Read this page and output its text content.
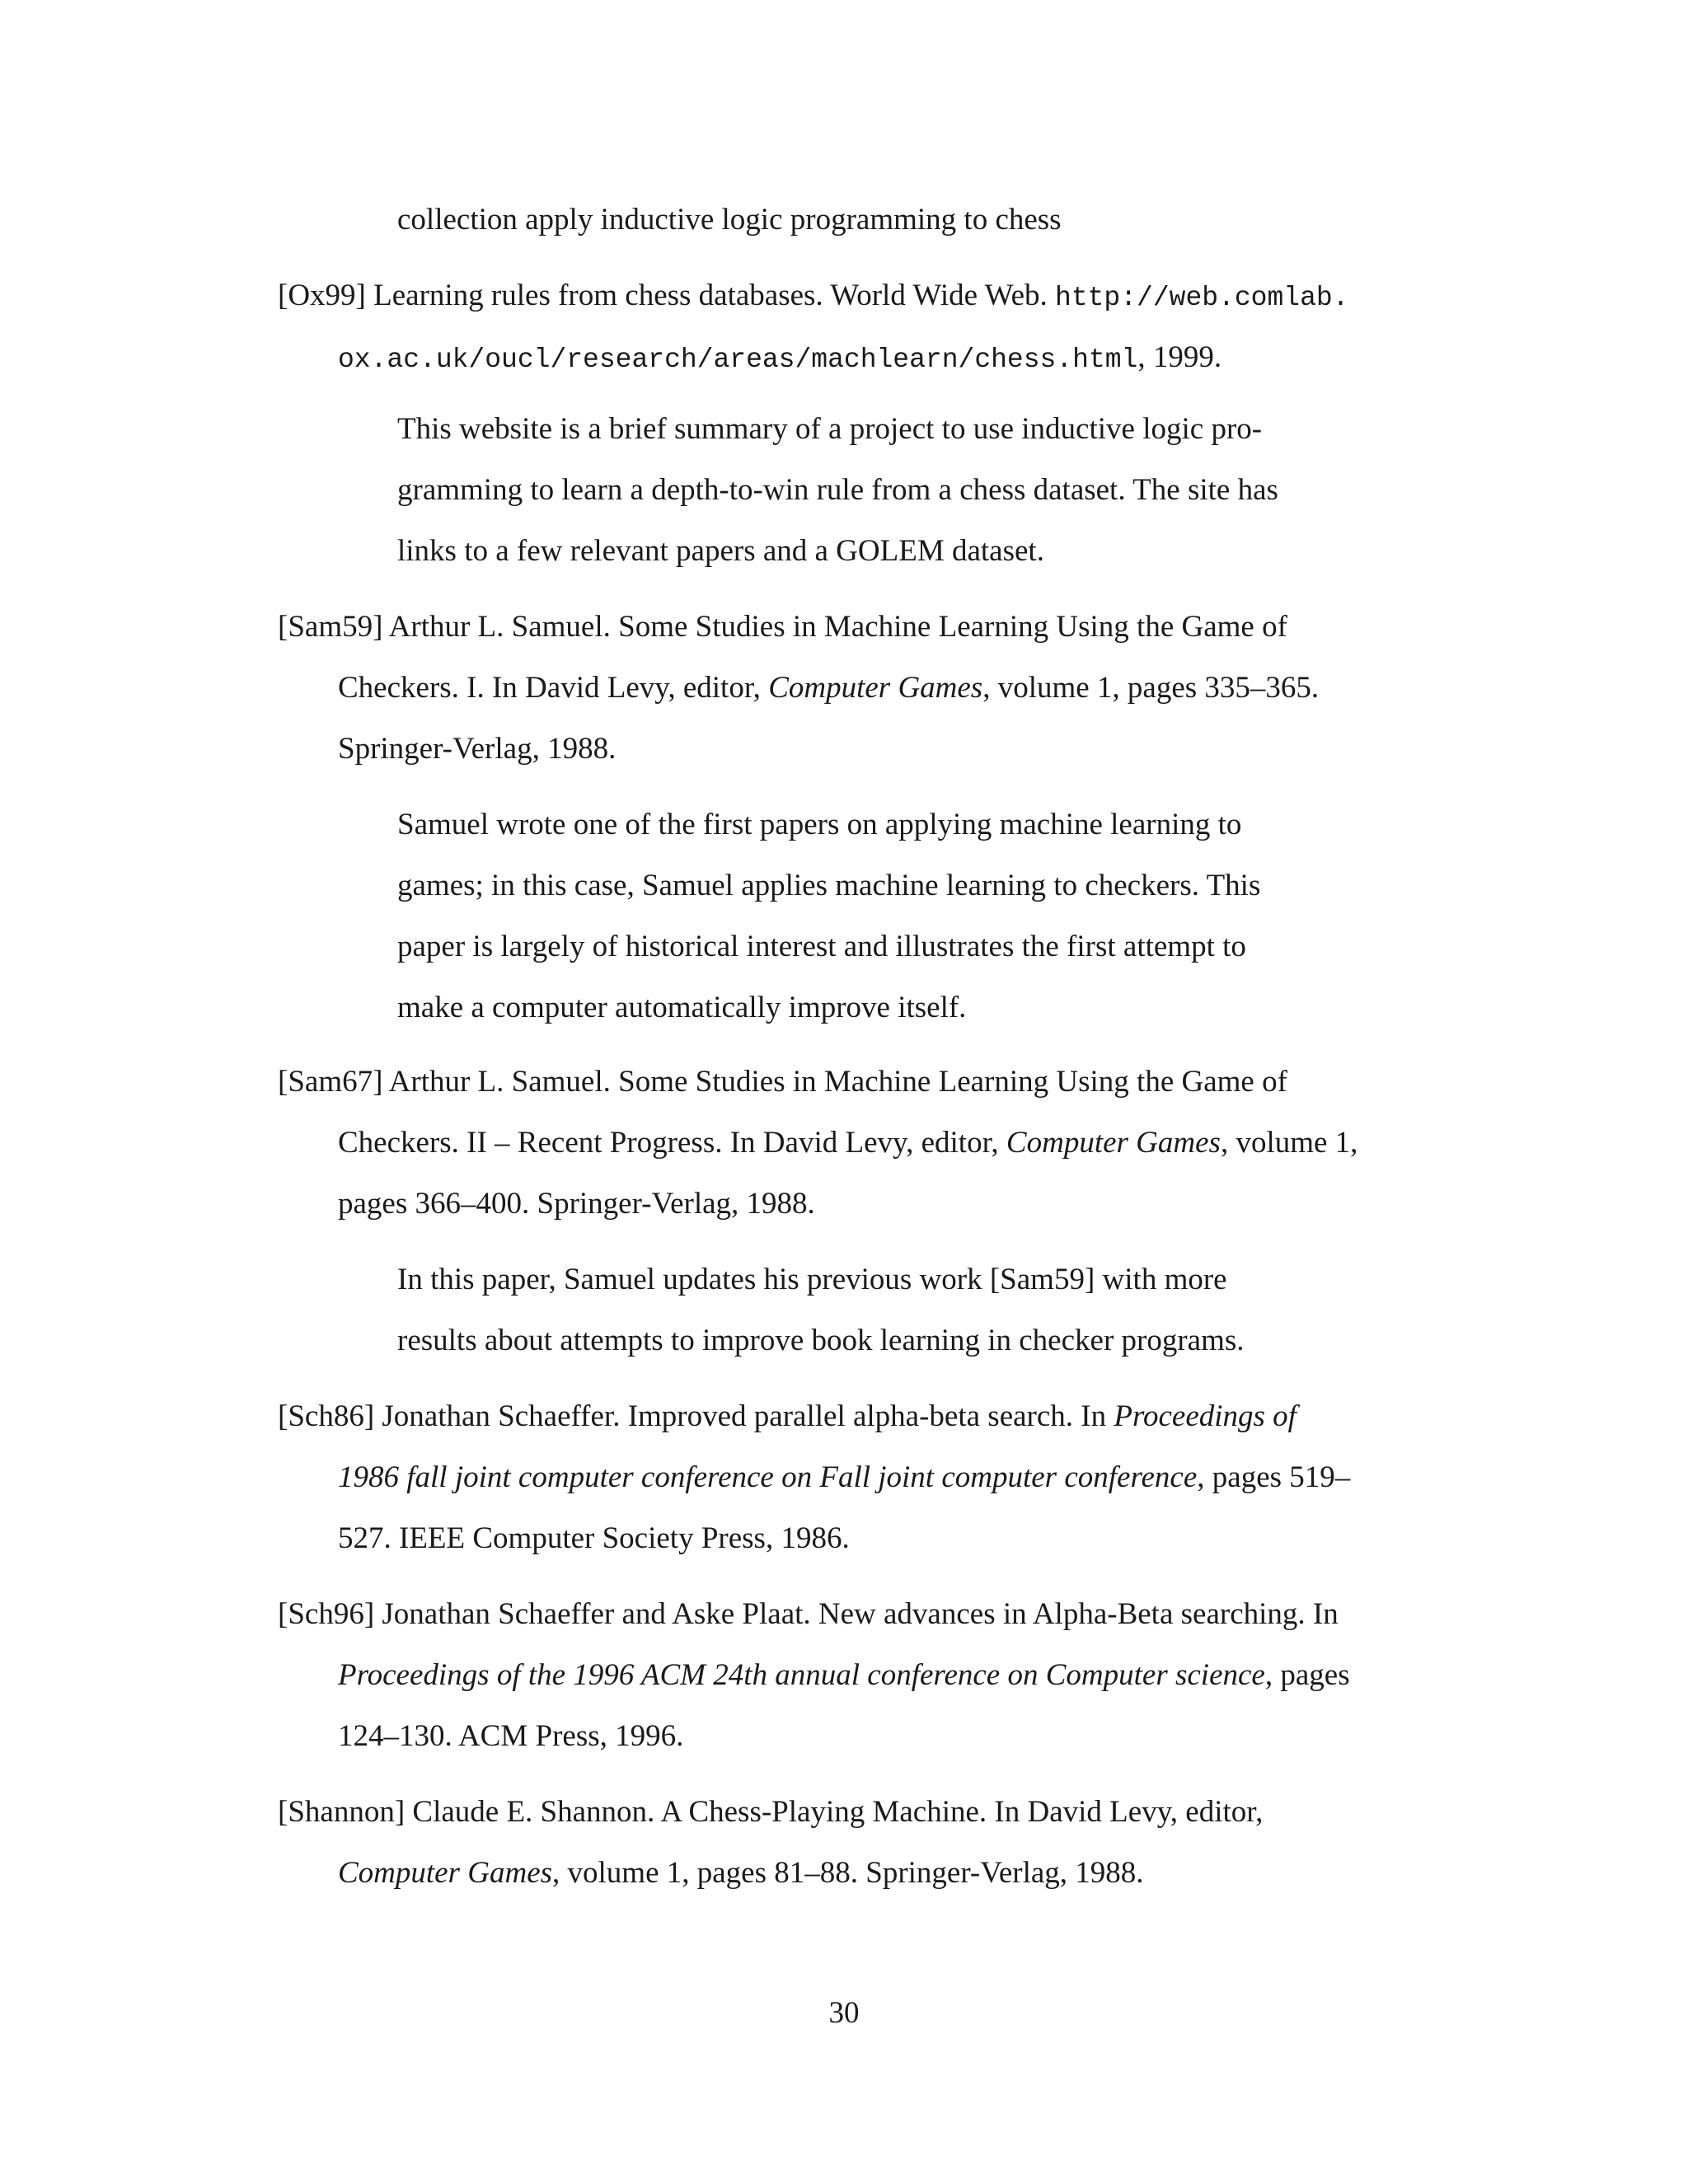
collection apply inductive logic programming to chess
[Ox99] Learning rules from chess databases. World Wide Web. http://web.comlab.
ox.ac.uk/oucl/research/areas/machlearn/chess.html, 1999.
This website is a brief summary of a project to use inductive logic pro-
gramming to learn a depth-to-win rule from a chess dataset. The site has
links to a few relevant papers and a GOLEM dataset.
[Sam59] Arthur L. Samuel. Some Studies in Machine Learning Using the Game of
Checkers. I. In David Levy, editor, Computer Games, volume 1, pages 335–365.
Springer-Verlag, 1988.
Samuel wrote one of the first papers on applying machine learning to
games; in this case, Samuel applies machine learning to checkers. This
paper is largely of historical interest and illustrates the first attempt to
make a computer automatically improve itself.
[Sam67] Arthur L. Samuel. Some Studies in Machine Learning Using the Game of
Checkers. II – Recent Progress. In David Levy, editor, Computer Games, volume 1,
pages 366–400. Springer-Verlag, 1988.
In this paper, Samuel updates his previous work [Sam59] with more
results about attempts to improve book learning in checker programs.
[Sch86] Jonathan Schaeffer. Improved parallel alpha-beta search. In Proceedings of
1986 fall joint computer conference on Fall joint computer conference, pages 519–
527. IEEE Computer Society Press, 1986.
[Sch96] Jonathan Schaeffer and Aske Plaat. New advances in Alpha-Beta searching. In
Proceedings of the 1996 ACM 24th annual conference on Computer science, pages
124–130. ACM Press, 1996.
[Shannon] Claude E. Shannon. A Chess-Playing Machine. In David Levy, editor,
Computer Games, volume 1, pages 81–88. Springer-Verlag, 1988.
30
